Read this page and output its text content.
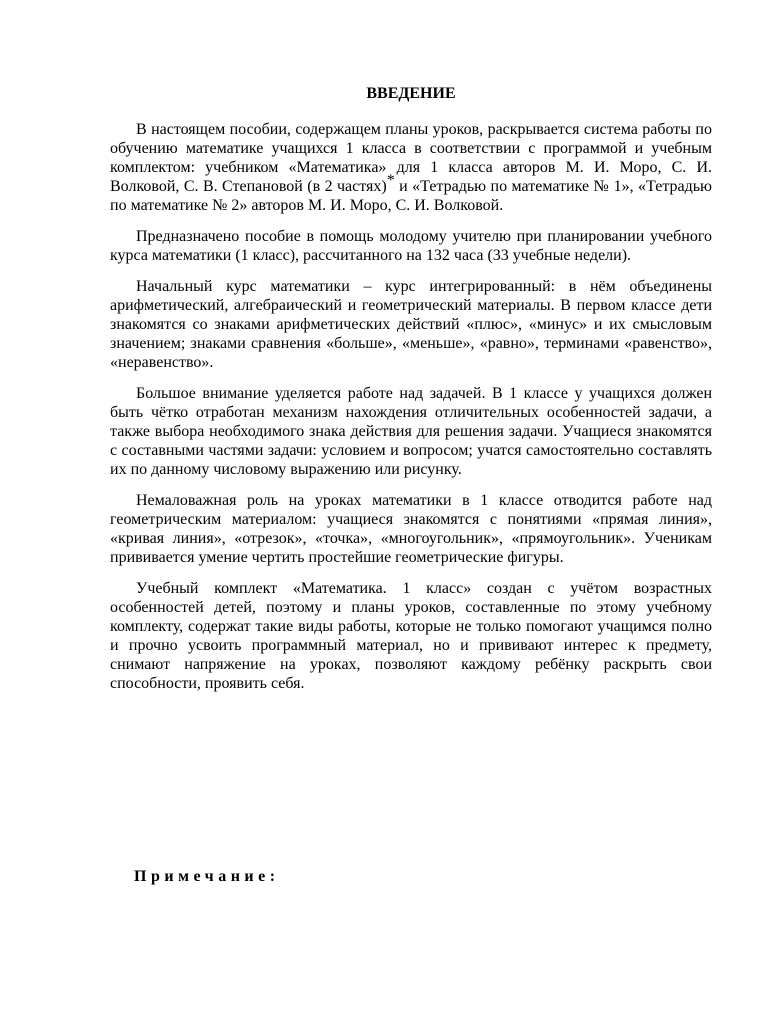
ВВЕДЕНИЕ

В настоящем пособии, содержащем планы уроков, раскрывается система работы по обучению математике учащихся 1 класса в соответствии с программой и учебным комплектом: учебником «Математика» для 1 класса авторов М. И. Моро, С. И. Волковой, С. В. Степановой (в 2 частях)* и «Тетрадью по математике № 1», «Тетрадью по математике № 2» авторов М. И. Моро, С. И. Волковой.

Предназначено пособие в помощь молодому учителю при планировании учебного курса математики (1 класс), рассчитанного на 132 часа (33 учебные недели).

Начальный курс математики – курс интегрированный: в нём объединены арифметический, алгебраический и геометрический материалы. В первом классе дети знакомятся со знаками арифметических действий «плюс», «минус» и их смысловым значением; знаками сравнения «больше», «меньше», «равно», терминами «равенство», «неравенство».

Большое внимание уделяется работе над задачей. В 1 классе у учащихся должен быть чётко отработан механизм нахождения отличительных особенностей задачи, а также выбора необходимого знака действия для решения задачи. Учащиеся знакомятся с составными частями задачи: условием и вопросом; учатся самостоятельно составлять их по данному числовому выражению или рисунку.

Немаловажная роль на уроках математики в 1 классе отводится работе над геометрическим материалом: учащиеся знакомятся с понятиями «прямая линия», «кривая линия», «отрезок», «точка», «многоугольник», «прямоугольник». Ученикам прививается умение чертить простейшие геометрические фигуры.

Учебный комплект «Математика. 1 класс» создан с учётом возрастных особенностей детей, поэтому и планы уроков, составленные по этому учебному комплекту, содержат такие виды работы, которые не только помогают учащимся полно и прочно усвоить программный материал, но и прививают интерес к предмету, снимают напряжение на уроках, позволяют каждому ребёнку раскрыть свои способности, проявить себя.

Примечание:
